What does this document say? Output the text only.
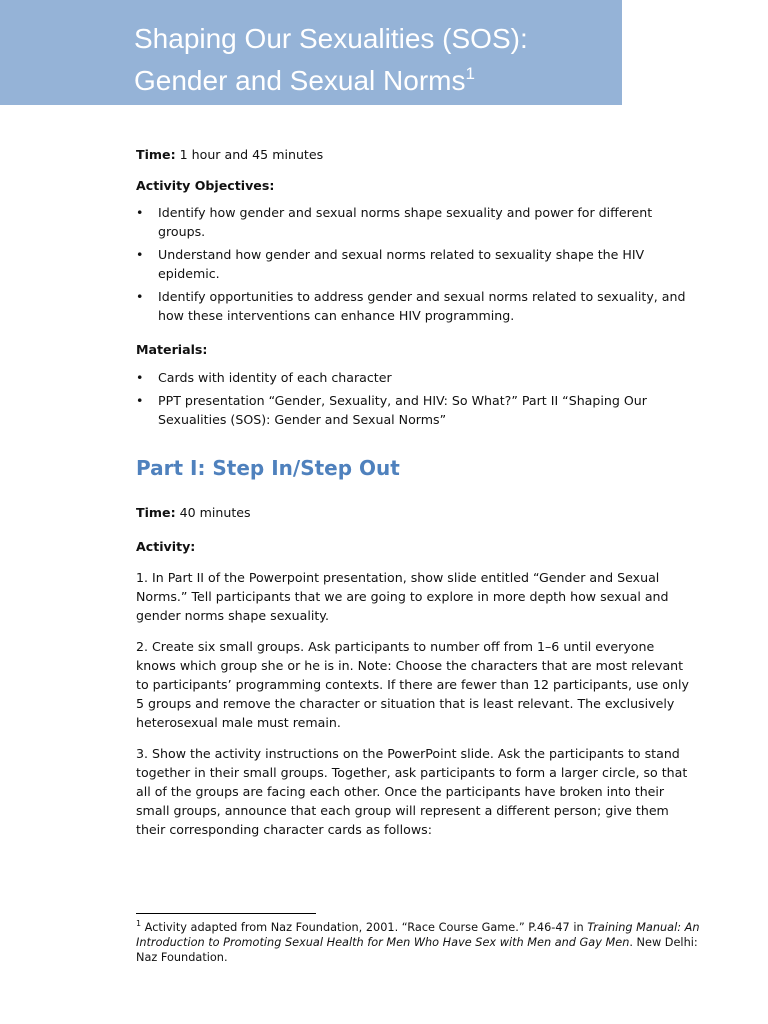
Shaping Our Sexualities (SOS):
Gender and Sexual Norms$^1$

Time: 1 hour and 45 minutes

Activity Objectives:

• Identify how gender and sexual norms shape sexuality and power for different groups.
• Understand how gender and sexual norms related to sexuality shape the HIV epidemic.
• Identify opportunities to address gender and sexual norms related to sexuality, and how these interventions can enhance HIV programming.

Materials:

• Cards with identity of each character
• PPT presentation “Gender, Sexuality, and HIV: So What?” Part II “Shaping Our Sexualities (SOS): Gender and Sexual Norms”
Part I: Step In/Step Out

Time: 40 minutes

Activity:

1. In Part II of the Powerpoint presentation, show slide entitled “Gender and Sexual Norms.” Tell participants that we are going to explore in more depth how sexual and gender norms shape sexuality.

2. Create six small groups. Ask participants to number off from 1–6 until everyone knows which group she or he is in. Note: Choose the characters that are most relevant to participants’ programming contexts. If there are fewer than 12 participants, use only 5 groups and remove the character or situation that is least relevant. The exclusively heterosexual male must remain.

3. Show the activity instructions on the PowerPoint slide. Ask the participants to stand together in their small groups. Together, ask participants to form a larger circle, so that all of the groups are facing each other. Once the participants have broken into their small groups, announce that each group will represent a different person; give them their corresponding character cards as follows:

$^1$ Activity adapted from Naz Foundation, 2001. “Race Course Game.” P.46-47 in Training Manual: An Introduction to Promoting Sexual Health for Men Who Have Sex with Men and Gay Men. New Delhi: Naz Foundation.
